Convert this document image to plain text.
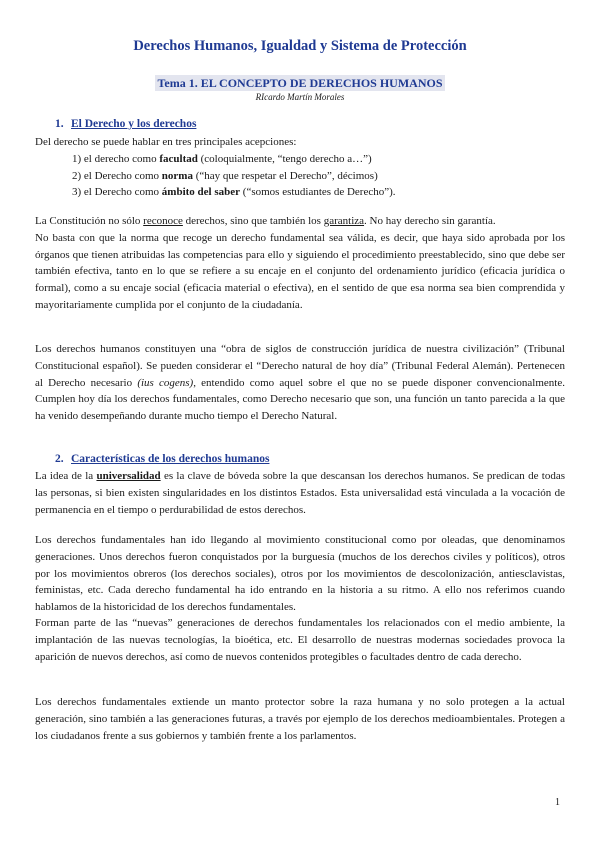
Derechos Humanos, Igualdad y Sistema de Protección

Tema 1. EL CONCEPTO DE DERECHOS HUMANOS

RIcardo Martín Morales

1. El Derecho y los derechos

Del derecho se puede hablar en tres principales acepciones:

1) el derecho como facultad (coloquialmente, “tengo derecho a…”)

2) el Derecho como norma (“hay que respetar el Derecho”, décimos)

3) el Derecho como ámbito del saber (“somos estudiantes de Derecho”).

La Constitución no sólo reconoce derechos, sino que también los garantiza. No hay derecho sin garantía.
No basta con que la norma que recoge un derecho fundamental sea válida, es decir, que haya sido aprobada por los órganos que tienen atribuidas las competencias para ello y siguiendo el procedimiento preestablecido, sino que debe ser también efectiva, tanto en lo que se refiere a su encaje en el conjunto del ordenamiento jurídico (eficacia jurídica o formal), como a su encaje social (eficacia material o efectiva), en el sentido de que esa norma sea bien comprendida y mayoritariamente cumplida por el conjunto de la ciudadanía.

Los derechos humanos constituyen una “obra de siglos de construcción jurídica de nuestra civilización” (Tribunal Constitucional español). Se pueden considerar el “Derecho natural de hoy día” (Tribunal Federal Alemán). Pertenecen al Derecho necesario (ius cogens), entendido como aquel sobre el que no se puede disponer convencionalmente. Cumplen hoy día los derechos fundamentales, como Derecho necesario que son, una función un tanto parecida a la que ha venido desempeñando durante mucho tiempo el Derecho Natural.

2. Características de los derechos humanos

La idea de la universalidad es la clave de bóveda sobre la que descansan los derechos humanos. Se predican de todas las personas, si bien existen singularidades en los distintos Estados. Esta universalidad está vinculada a la vocación de permanencia en el tiempo o perdurabilidad de estos derechos.

Los derechos fundamentales han ido llegando al movimiento constitucional como por oleadas, que denominamos generaciones. Unos derechos fueron conquistados por la burguesía (muchos de los derechos civiles y políticos), otros por los movimientos obreros (los derechos sociales), otros por los movimientos de descolonización, antiesclavistas, feministas, etc. Cada derecho fundamental ha ido entrando en la historia a su ritmo. A ello nos referimos cuando hablamos de la historicidad de los derechos fundamentales.

Forman parte de las “nuevas” generaciones de derechos fundamentales los relacionados con el medio ambiente, la implantación de las nuevas tecnologías, la bioética, etc. El desarrollo de nuestras modernas sociedades provoca la aparición de nuevos derechos, así como de nuevos contenidos protegibles o facultades dentro de cada derecho.

Los derechos fundamentales extiende un manto protector sobre la raza humana y no solo protegen a la actual generación, sino también a las generaciones futuras, a través por ejemplo de los derechos medioambientales. Protegen a los ciudadanos frente a sus gobiernos y también frente a los parlamentos.

1
